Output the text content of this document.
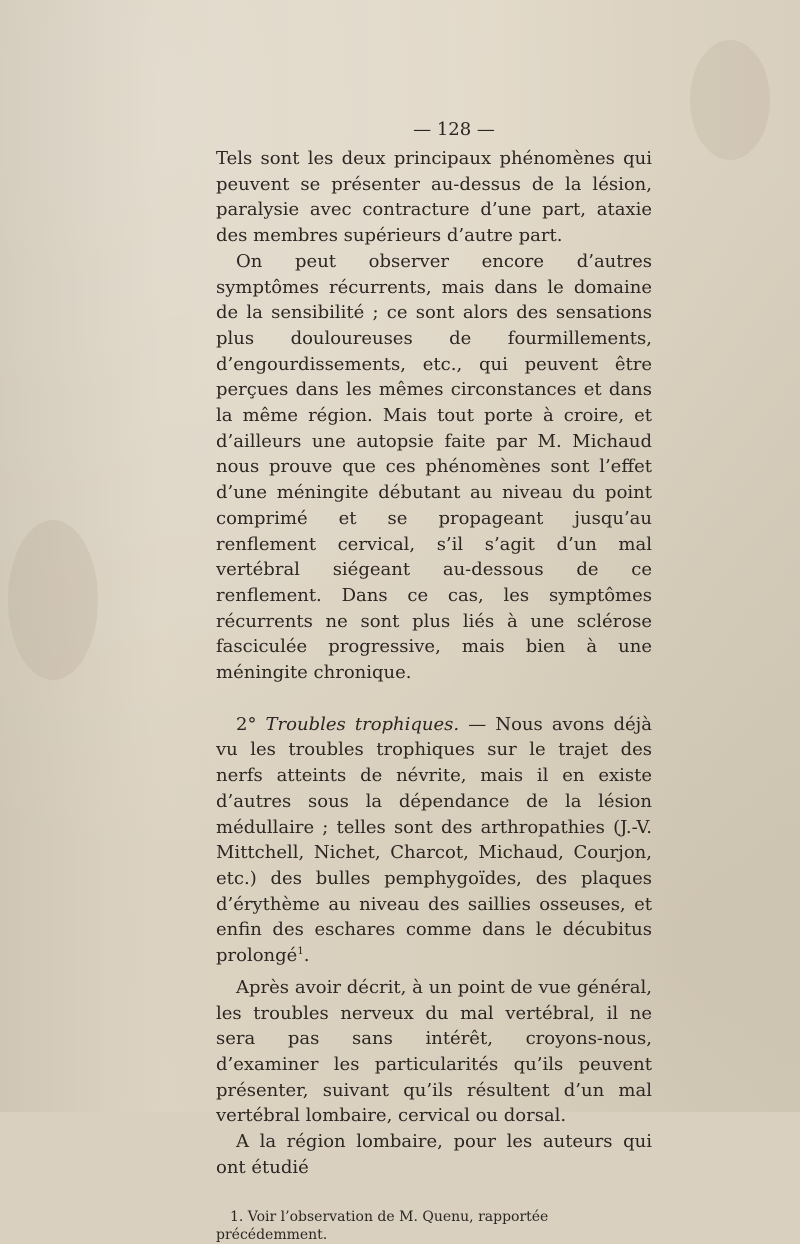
— 128 —

Tels sont les deux principaux phénomènes qui peuvent se présenter au-dessus de la lésion, paralysie avec contracture d’une part, ataxie des membres supérieurs d’autre part.

On peut observer encore d’autres symptômes récurrents, mais dans le domaine de la sensibilité ; ce sont alors des sensations plus douloureuses de fourmillements, d’engourdissements, etc., qui peuvent être perçues dans les mêmes circonstances et dans la même région. Mais tout porte à croire, et d’ailleurs une autopsie faite par M. Michaud nous prouve que ces phénomènes sont l’effet d’une méningite débutant au niveau du point comprimé et se propageant jusqu’au renflement cervical, s’il s’agit d’un mal vertébral siégeant au-dessous de ce renflement. Dans ce cas, les symptômes récurrents ne sont plus liés à une sclérose fasciculée progressive, mais bien à une méningite chronique.

2° Troubles trophiques. — Nous avons déjà vu les troubles trophiques sur le trajet des nerfs atteints de névrite, mais il en existe d’autres sous la dépendance de la lésion médullaire ; telles sont des arthropathies (J.-V. Mittchell, Nichet, Charcot, Michaud, Courjon, etc.) des bulles pemphygoïdes, des plaques d’érythème au niveau des saillies osseuses, et enfin des eschares comme dans le décubitus prolongé$^1$.

Après avoir décrit, à un point de vue général, les troubles nerveux du mal vertébral, il ne sera pas sans intérêt, croyons-nous, d’examiner les particularités qu’ils peuvent présenter, suivant qu’ils résultent d’un mal vertébral lombaire, cervical ou dorsal.

A la région lombaire, pour les auteurs qui ont étudié

1. Voir l’observation de M. Quenu, rapportée précédemment.
